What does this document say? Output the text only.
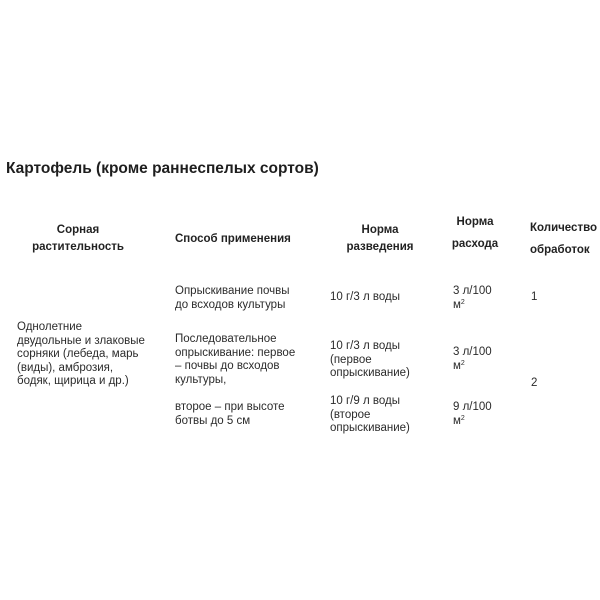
Картофель (кроме раннеспелых сортов)
Сорная
растительность
Способ применения
Норма
разведения
Норма
расхода
Количество
обработок
Однолетние
двудольные и злаковые
сорняки (лебеда, марь
(виды), амброзия,
бодяк, щирица и др.)
Опрыскивание почвы
до всходов культуры
10 г/3 л воды	3 л/100
$м^2$	1
Последовательное
опрыскивание: первое
– почвы до всходов
культуры,
10 г/3 л воды
(первое
опрыскивание)
3 л/100
$м^2$
2
второе – при высоте
ботвы до 5 см
10 г/9 л воды
(второе
опрыскивание)
9 л/100
$м^2$
